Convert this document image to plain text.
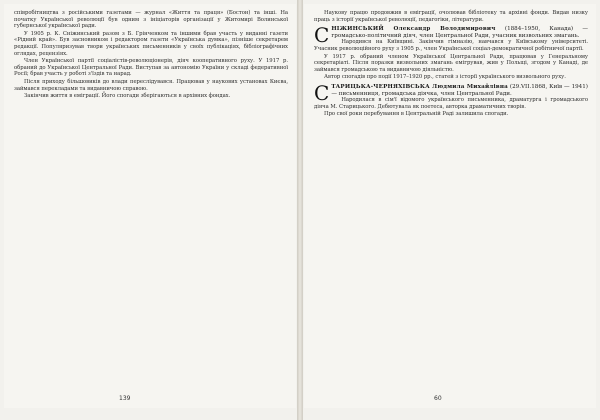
співробітництва з російськими газетами — журнал «Життя та праця» (Бостон) та інші. На початку Української революції був одним з ініціаторів організації у Житомирі Волинської губернської української ради.

У 1905 р. К. Сніжинський разом з Б. Грінченком та іншими брав участь у виданні газети «Рідний край». Був засновником і редактором газети «Українська думка», пізніше секретарем редакції. Популяризував твори українських письменників у своїх публікаціях, бібліографічних оглядах, рецензіях.

Член Української партії соціалістів-революціонерів, діяч кооперативного руху. У 1917 р. обраний до Української Центральної Ради. Виступав за автономію України у складі федеративної Росії; брав участь у роботі з'їздів та нарад.

Після приходу більшовиків до влади переслідувався. Працював у наукових установах Києва, займався перекладами та видавничою справою.

Закінчив життя в еміграції. Його спогади зберігаються в архівних фондах.

139

Наукову працю продовжив в еміграції, очолював бібліотеку та архівні фонди. Видав низку праць з історії української революції, педагогіки, літератури.

СНІЖИНСЬКИЙ Олександр Володимирович (1884–1950, Канада) — громадсько-політичний діяч, член Центральної Ради, учасник визвольних змагань.

Народився на Київщині. Закінчив гімназію, навчався у Київському університеті. Учасник революційного руху з 1905 р., член Української соціал-демократичної робітничої партії.

У 1917 р. обраний членом Української Центральної Ради, працював у Генеральному секретаріаті. Після поразки визвольних змагань емігрував, жив у Польщі, згодом у Канаді, де займався громадською та видавничою діяльністю.

Автор спогадів про події 1917–1920 рр., статей з історії українського визвольного руху.

СТАРИЦЬКА-ЧЕРНЯХІВСЬКА Людмила Михайлівна (29.VII.1868, Київ — 1941) — письменниця, громадська діячка, член Центральної Ради.

Народилася в сім'ї відомого українського письменника, драматурга і громадського діяча М. Старицького. Дебютувала як поетеса, авторка драматичних творів.

Про свої роки перебування в Центральній Раді залишила спогади.

60
